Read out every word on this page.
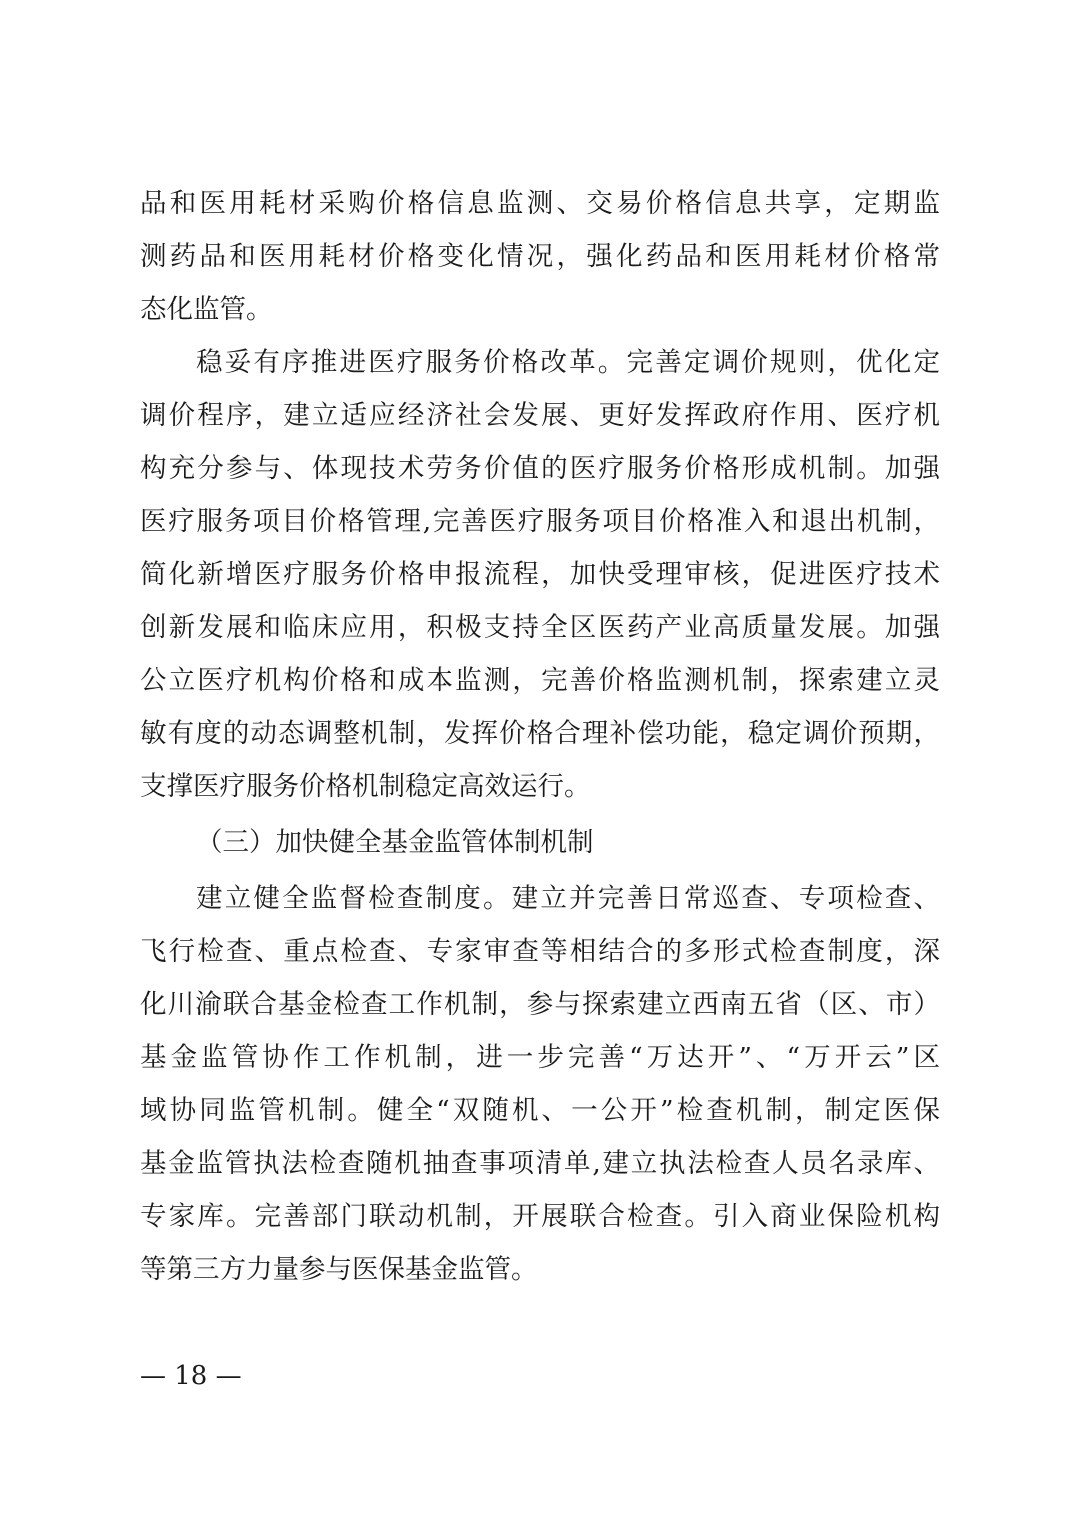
品和医用耗材采购价格信息监测、交易价格信息共享，定期监
测药品和医用耗材价格变化情况，强化药品和医用耗材价格常
态化监管。
稳妥有序推进医疗服务价格改革。完善定调价规则，优化定
调价程序，建立适应经济社会发展、更好发挥政府作用、医疗机
构充分参与、体现技术劳务价值的医疗服务价格形成机制。加强
医疗服务项目价格管理,完善医疗服务项目价格准入和退出机制，
简化新增医疗服务价格申报流程，加快受理审核，促进医疗技术
创新发展和临床应用，积极支持全区医药产业高质量发展。加强
公立医疗机构价格和成本监测，完善价格监测机制，探索建立灵
敏有度的动态调整机制，发挥价格合理补偿功能，稳定调价预期，
支撑医疗服务价格机制稳定高效运行。
（三）加快健全基金监管体制机制
建立健全监督检查制度。建立并完善日常巡查、专项检查、
飞行检查、重点检查、专家审查等相结合的多形式检查制度，深
化川渝联合基金检查工作机制，参与探索建立西南五省（区、市）
基金监管协作工作机制，进一步完善“万达开”、“万开云”区
域协同监管机制。健全“双随机、一公开”检查机制，制定医保
基金监管执法检查随机抽查事项清单,建立执法检查人员名录库、
专家库。完善部门联动机制，开展联合检查。引入商业保险机构
等第三方力量参与医保基金监管。
— 18 —
